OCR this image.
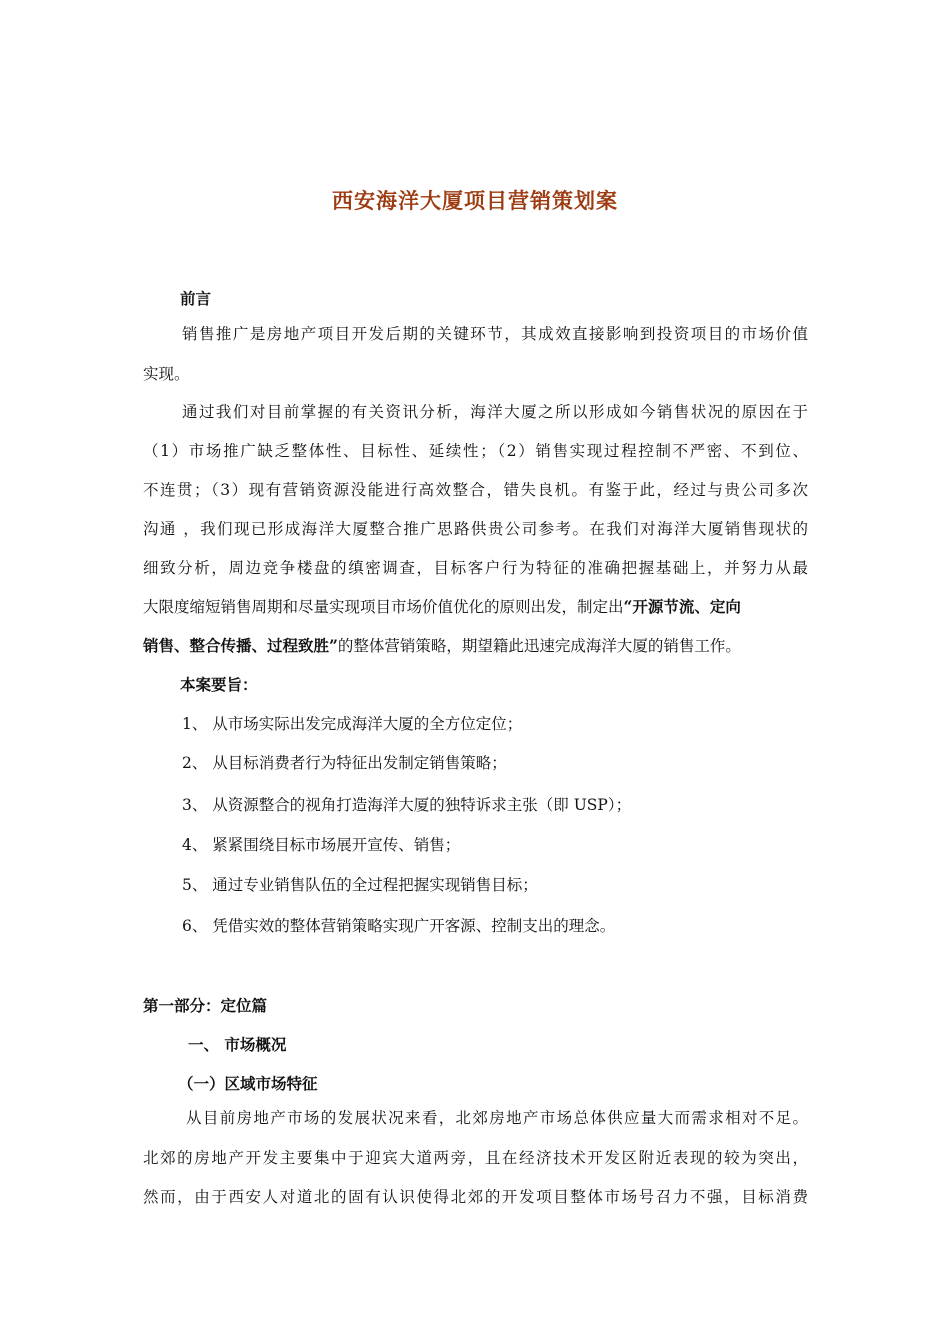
西安海洋大厦项目营销策划案
前言
销售推广是房地产项目开发后期的关键环节，其成效直接影响到投资项目的市场价值
实现。
通过我们对目前掌握的有关资讯分析，海洋大厦之所以形成如今销售状况的原因在于
（1）市场推广缺乏整体性、目标性、延续性；（2）销售实现过程控制不严密、不到位、
不连贯；（3）现有营销资源没能进行高效整合，错失良机。有鉴于此，经过与贵公司多次
沟通 ，我们现已形成海洋大厦整合推广思路供贵公司参考。在我们对海洋大厦销售现状的
细致分析，周边竞争楼盘的缜密调查，目标客户行为特征的准确把握基础上，并努力从最
大限度缩短销售周期和尽量实现项目市场价值优化的原则出发，制定出“开源节流、定向
销售、整合传播、过程致胜”的整体营销策略，期望籍此迅速完成海洋大厦的销售工作。
本案要旨：
1、 从市场实际出发完成海洋大厦的全方位定位；
2、 从目标消费者行为特征出发制定销售策略；
3、 从资源整合的视角打造海洋大厦的独特诉求主张（即 USP）；
4、 紧紧围绕目标市场展开宣传、销售；
5、 通过专业销售队伍的全过程把握实现销售目标；
6、 凭借实效的整体营销策略实现广开客源、控制支出的理念。
第一部分：定位篇
一、 市场概况
（一）区域市场特征
从目前房地产市场的发展状况来看，北郊房地产市场总体供应量大而需求相对不足。
北郊的房地产开发主要集中于迎宾大道两旁，且在经济技术开发区附近表现的较为突出，
然而，由于西安人对道北的固有认识使得北郊的开发项目整体市场号召力不强，目标消费
